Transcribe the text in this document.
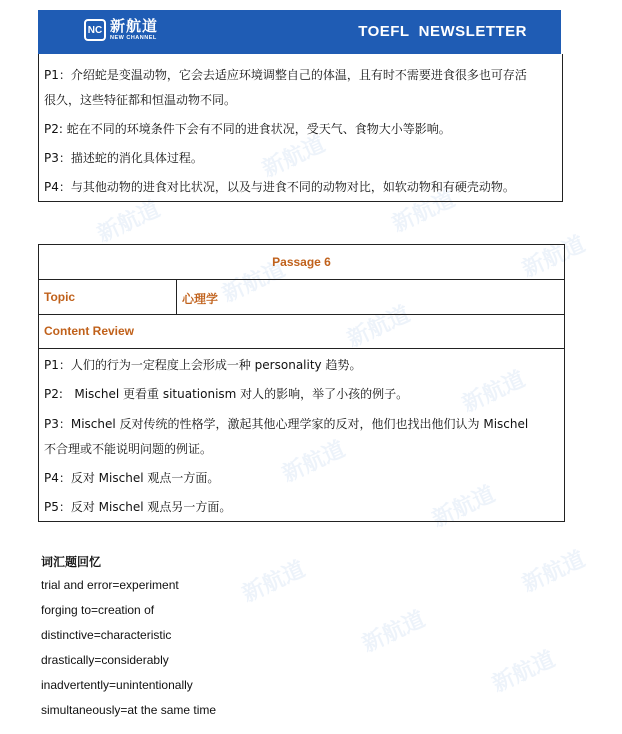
新航道
新航道	新航道
新航道
新航道
新航道
新航道
新航道
新航道
新航道	新航道
新航道
新航道
NC 新航道
NEW CHANNEL	TOEFL  NEWSLETTER
P1：介绍蛇是变温动物，它会去适应环境调整自己的体温，且有时不需要进食很多也可存活
很久，这些特征都和恒温动物不同。
P2: 蛇在不同的环境条件下会有不同的进食状况，受天气、食物大小等影响。
P3：描述蛇的消化具体过程。
P4：与其他动物的进食对比状况，以及与进食不同的动物对比，如软动物和有硬壳动物。
Passage 6
Topic	心理学
Content Review
P1：人们的行为一定程度上会形成一种 personality 趋势。
P2:   Mischel 更看重 situationism 对人的影响，举了小孩的例子。
P3：Mischel 反对传统的性格学，激起其他心理学家的反对，他们也找出他们认为 Mischel
不合理或不能说明问题的例证。
P4：反对 Mischel 观点一方面。
P5：反对 Mischel 观点另一方面。
词汇题回忆
trial and error=experiment
forging to=creation of
distinctive=characteristic
drastically=considerably
inadvertently=unintentionally
simultaneously=at the same time
